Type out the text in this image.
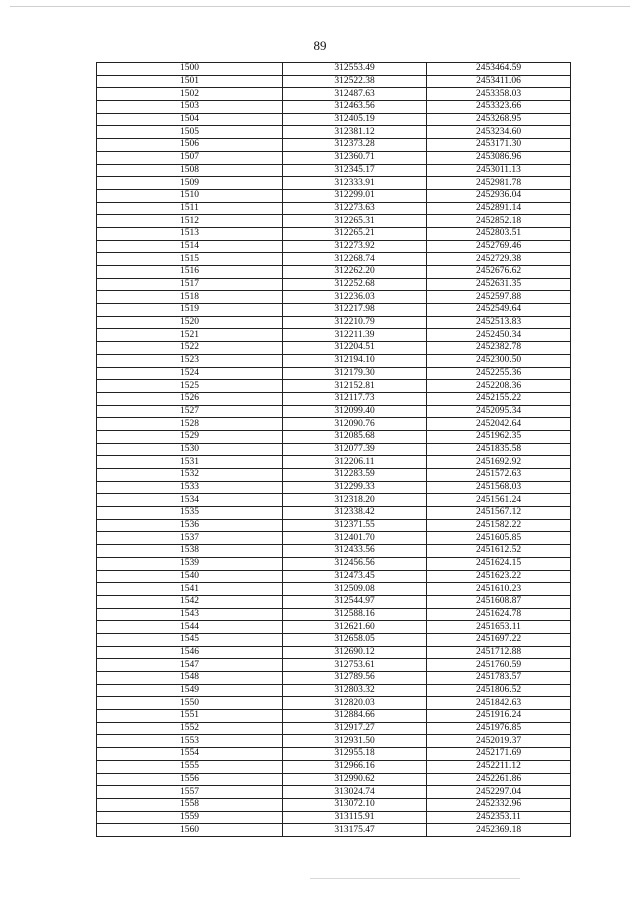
89
1500	312553.49	2453464.59
1501	312522.38	2453411.06
1502	312487.63	2453358.03
1503	312463.56	2453323.66
1504	312405.19	2453268.95
1505	312381.12	2453234.60
1506	312373.28	2453171.30
1507	312360.71	2453086.96
1508	312345.17	2453011.13
1509	312333.91	2452981.78
1510	312299.01	2452936.04
1511	312273.63	2452891.14
1512	312265.31	2452852.18
1513	312265.21	2452803.51
1514	312273.92	2452769.46
1515	312268.74	2452729.38
1516	312262.20	2452676.62
1517	312252.68	2452631.35
1518	312236.03	2452597.88
1519	312217.98	2452549.64
1520	312210.79	2452513.83
1521	312211.39	2452450.34
1522	312204.51	2452382.78
1523	312194.10	2452300.50
1524	312179.30	2452255.36
1525	312152.81	2452208.36
1526	312117.73	2452155.22
1527	312099.40	2452095.34
1528	312090.76	2452042.64
1529	312085.68	2451962.35
1530	312077.39	2451835.58
1531	312206.11	2451692.92
1532	312283.59	2451572.63
1533	312299.33	2451568.03
1534	312318.20	2451561.24
1535	312338.42	2451567.12
1536	312371.55	2451582.22
1537	312401.70	2451605.85
1538	312433.56	2451612.52
1539	312456.56	2451624.15
1540	312473.45	2451623.22
1541	312509.08	2451610.23
1542	312544.97	2451608.87
1543	312588.16	2451624.78
1544	312621.60	2451653.11
1545	312658.05	2451697.22
1546	312690.12	2451712.88
1547	312753.61	2451760.59
1548	312789.56	2451783.57
1549	312803.32	2451806.52
1550	312820.03	2451842.63
1551	312884.66	2451916.24
1552	312917.27	2451976.85
1553	312931.50	2452019.37
1554	312955.18	2452171.69
1555	312966.16	2452211.12
1556	312990.62	2452261.86
1557	313024.74	2452297.04
1558	313072.10	2452332.96
1559	313115.91	2452353.11
1560	313175.47	2452369.18
